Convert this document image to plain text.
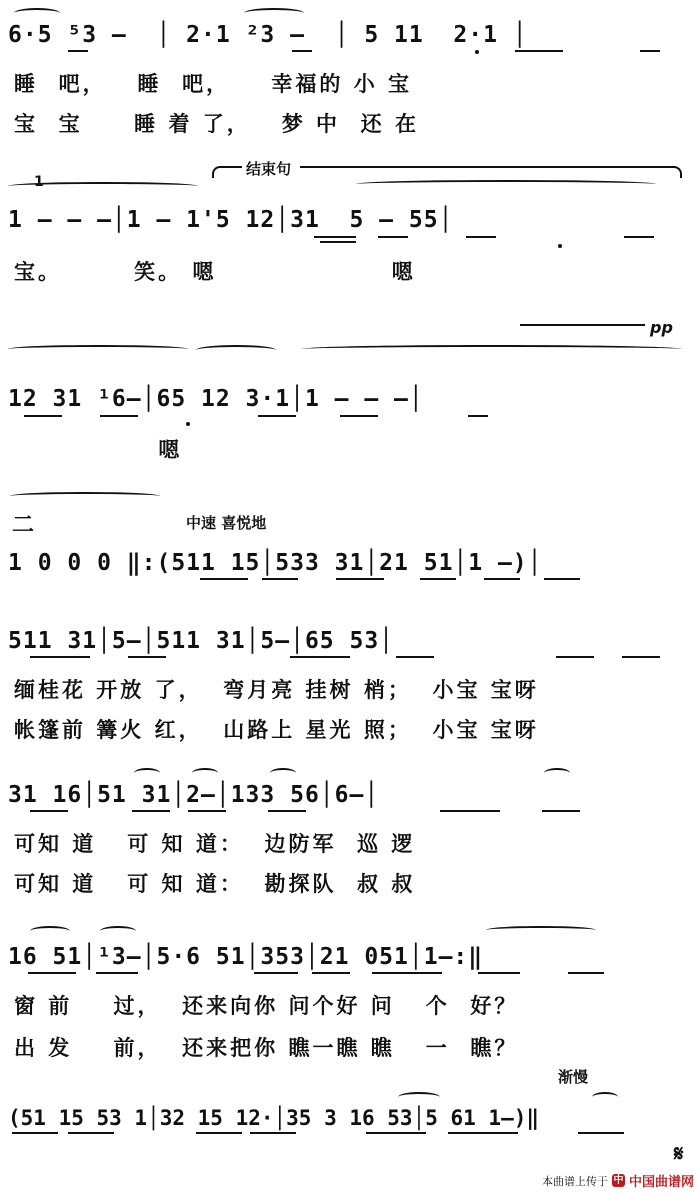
6·5 ⁵3 —  │ 2·1 ²3 —  │ 5 11  2·1 │
睡  吧，   睡  吧，    幸福的 小 宝
宝  宝     睡 着 了，   梦 中  还 在
结束句
1
1 — — —│1 — 1'5 12│31  5 — 55│
宝。       笑。 嗯                 嗯
pp
12 31 ¹6—│65 12 3·1│1 — — —│
嗯
二	中速 喜悦地
1 0 0 0 ‖:(511 15│533 31│21 51│1 —)│
511 31│5—│511 31│5—│65 53│
缅桂花 开放 了，  弯月亮 挂树 梢；  小宝 宝呀
帐篷前 篝火 红，  山路上 星光 照；  小宝 宝呀
31 16│51 31│2—│133 56│6—│
可知 道   可 知 道：  边防军  巡 逻
可知 道   可 知 道：  勘探队  叔 叔
16 51│¹3—│5·6 51│353│21 051│1—:‖
窗 前    过，  还来向你 问个好 问   个  好？
出 发    前，  还来把你 瞧一瞧 瞧   一  瞧？
渐慢
(51 15 53 1│32 15 12·│35 3 16 53│5 61 1—)‖
𝄋
本曲谱上传于 中 中国曲谱网
